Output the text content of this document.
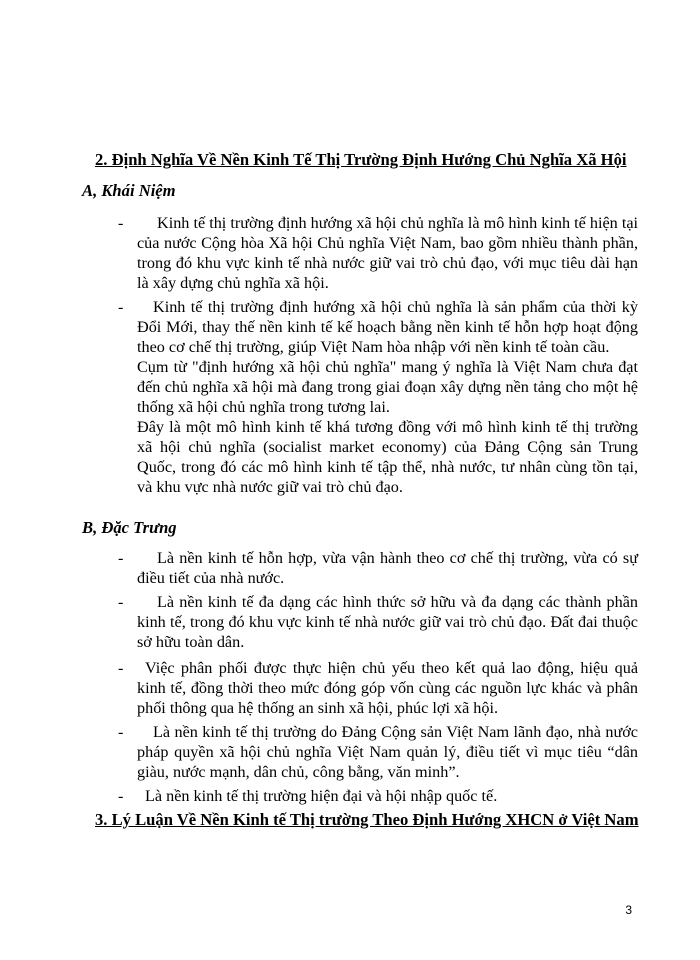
2. Định Nghĩa Về Nền Kinh Tế Thị Trường Định Hướng Chủ Nghĩa Xã Hội
A, Khái Niệm

- Kinh tế thị trường định hướng xã hội chủ nghĩa là mô hình kinh tế hiện tại của nước Cộng hòa Xã hội Chủ nghĩa Việt Nam, bao gồm nhiều thành phần, trong đó khu vực kinh tế nhà nước giữ vai trò chủ đạo, với mục tiêu dài hạn là xây dựng chủ nghĩa xã hội.

- Kinh tế thị trường định hướng xã hội chủ nghĩa là sản phẩm của thời kỳ Đổi Mới, thay thế nền kinh tế kế hoạch bằng nền kinh tế hỗn hợp hoạt động theo cơ chế thị trường, giúp Việt Nam hòa nhập với nền kinh tế toàn cầu.

Cụm từ "định hướng xã hội chủ nghĩa" mang ý nghĩa là Việt Nam chưa đạt đến chủ nghĩa xã hội mà đang trong giai đoạn xây dựng nền tảng cho một hệ thống xã hội chủ nghĩa trong tương lai.

Đây là một mô hình kinh tế khá tương đồng với mô hình kinh tế thị trường xã hội chủ nghĩa (socialist market economy) của Đảng Cộng sản Trung Quốc, trong đó các mô hình kinh tế tập thể, nhà nước, tư nhân cùng tồn tại, và khu vực nhà nước giữ vai trò chủ đạo.

B, Đặc Trưng

- Là nền kinh tế hỗn hợp, vừa vận hành theo cơ chế thị trường, vừa có sự điều tiết của nhà nước.

- Là nền kinh tế đa dạng các hình thức sở hữu và đa dạng các thành phần kinh tế, trong đó khu vực kinh tế nhà nước giữ vai trò chủ đạo. Đất đai thuộc sở hữu toàn dân.

- Việc phân phối được thực hiện chủ yếu theo kết quả lao động, hiệu quả kinh tế, đồng thời theo mức đóng góp vốn cùng các nguồn lực khác và phân phối thông qua hệ thống an sinh xã hội, phúc lợi xã hội.

- Là nền kinh tế thị trường do Đảng Cộng sản Việt Nam lãnh đạo, nhà nước pháp quyền xã hội chủ nghĩa Việt Nam quản lý, điều tiết vì mục tiêu “dân giàu, nước mạnh, dân chủ, công bằng, văn minh”.

- Là nền kinh tế thị trường hiện đại và hội nhập quốc tế.

3. Lý Luận Về Nền Kinh tế Thị trường Theo Định Hướng XHCN ở Việt Nam
3
